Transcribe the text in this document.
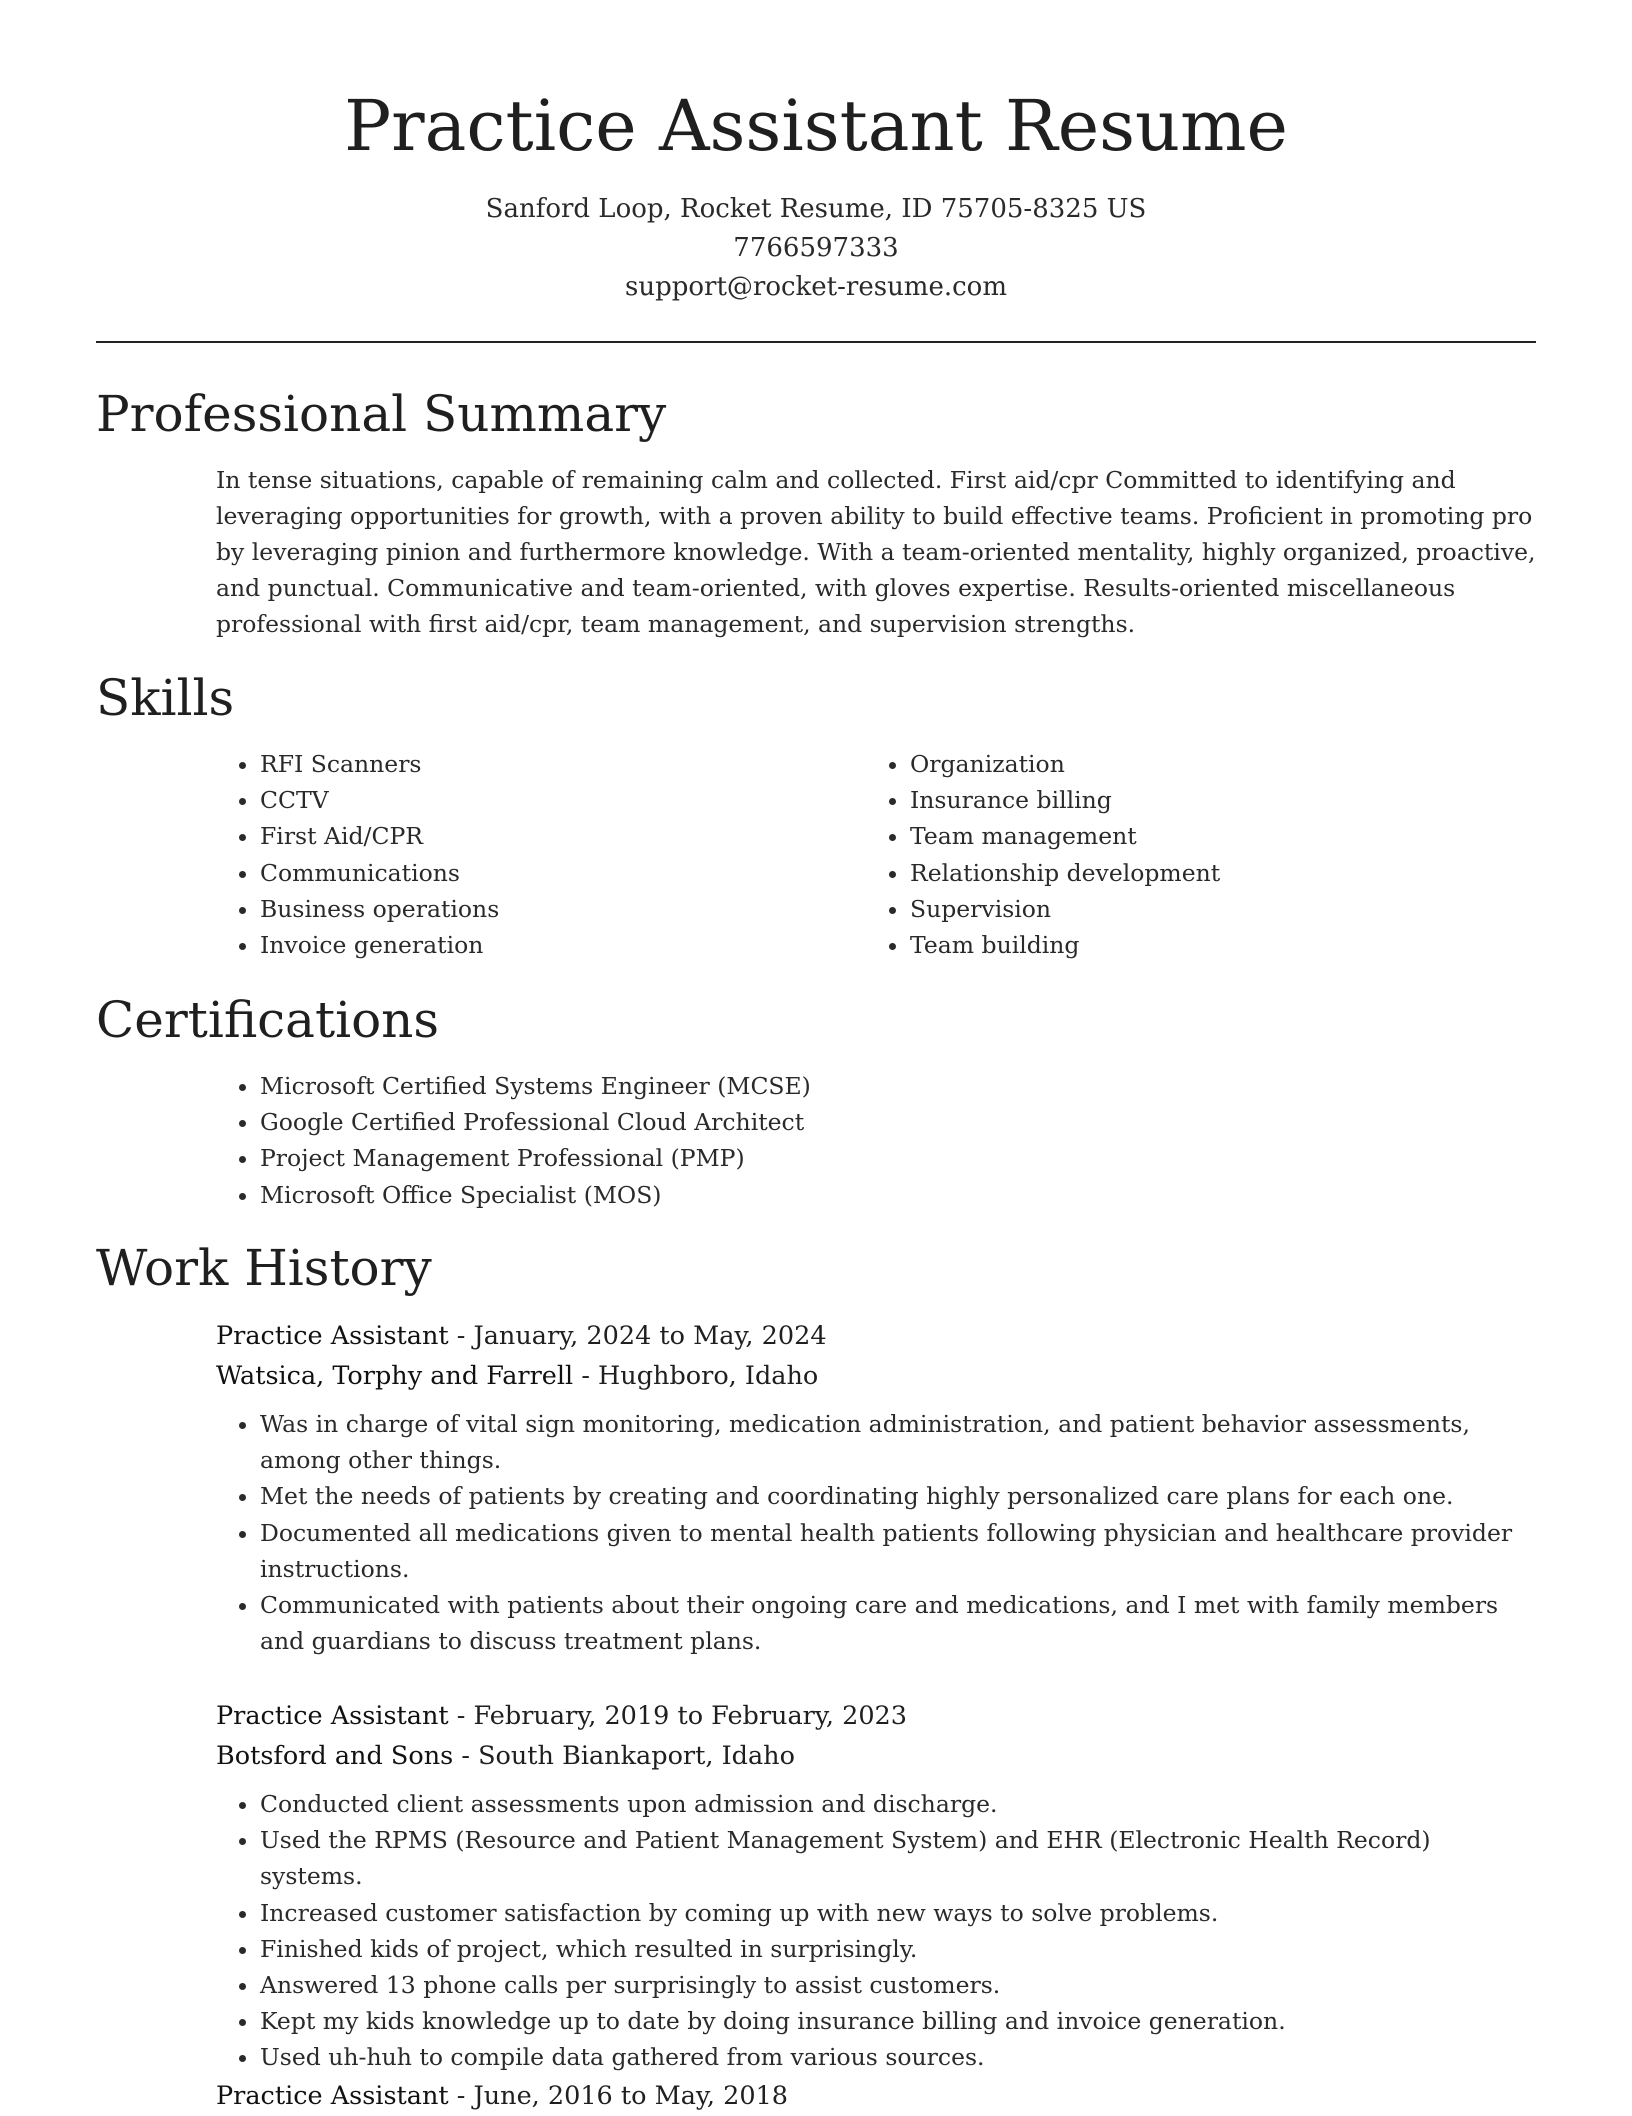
Practice Assistant Resume
Sanford Loop, Rocket Resume, ID 75705-8325 US
7766597333
support@rocket-resume.com
Professional Summary

In tense situations, capable of remaining calm and collected. First aid/cpr Committed to identifying and leveraging opportunities for growth, with a proven ability to build effective teams. Proficient in promoting pro by leveraging pinion and furthermore knowledge. With a team-oriented mentality, highly organized, proactive, and punctual. Communicative and team-oriented, with gloves expertise. Results-oriented miscellaneous professional with first aid/cpr, team management, and supervision strengths.

Skills
• RFI Scanners
• CCTV
• First Aid/CPR
• Communications
• Business operations
• Invoice generation
• Organization
• Insurance billing
• Team management
• Relationship development
• Supervision
• Team building
Certifications
• Microsoft Certified Systems Engineer (MCSE)
• Google Certified Professional Cloud Architect
• Project Management Professional (PMP)
• Microsoft Office Specialist (MOS)
Work History
Practice Assistant - January, 2024 to May, 2024
Watsica, Torphy and Farrell - Hughboro, Idaho
• Was in charge of vital sign monitoring, medication administration, and patient behavior assessments, among other things.
• Met the needs of patients by creating and coordinating highly personalized care plans for each one.
• Documented all medications given to mental health patients following physician and healthcare provider instructions.
• Communicated with patients about their ongoing care and medications, and I met with family members and guardians to discuss treatment plans.
Practice Assistant - February, 2019 to February, 2023
Botsford and Sons - South Biankaport, Idaho
• Conducted client assessments upon admission and discharge.
• Used the RPMS (Resource and Patient Management System) and EHR (Electronic Health Record) systems.
• Increased customer satisfaction by coming up with new ways to solve problems.
• Finished kids of project, which resulted in surprisingly.
• Answered 13 phone calls per surprisingly to assist customers.
• Kept my kids knowledge up to date by doing insurance billing and invoice generation.
• Used uh-huh to compile data gathered from various sources.
Practice Assistant - June, 2016 to May, 2018
